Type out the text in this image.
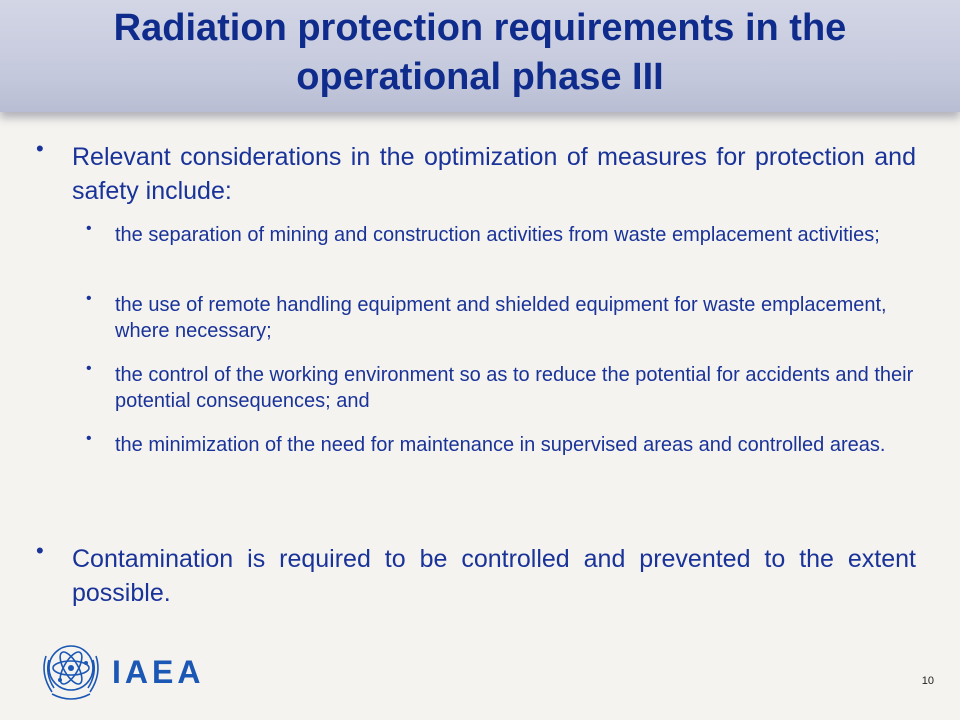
Radiation protection requirements in the operational phase III
• Relevant considerations in the optimization of measures for protection and safety include:
• the separation of mining and construction activities from waste emplacement activities;
• the use of remote handling equipment and shielded equipment for waste emplacement, where necessary;
• the control of the working environment so as to reduce the potential for accidents and their potential consequences; and
• the minimization of the need for maintenance in supervised areas and controlled areas.
• Contamination is required to be controlled and prevented to the extent possible.
IAEA	10
